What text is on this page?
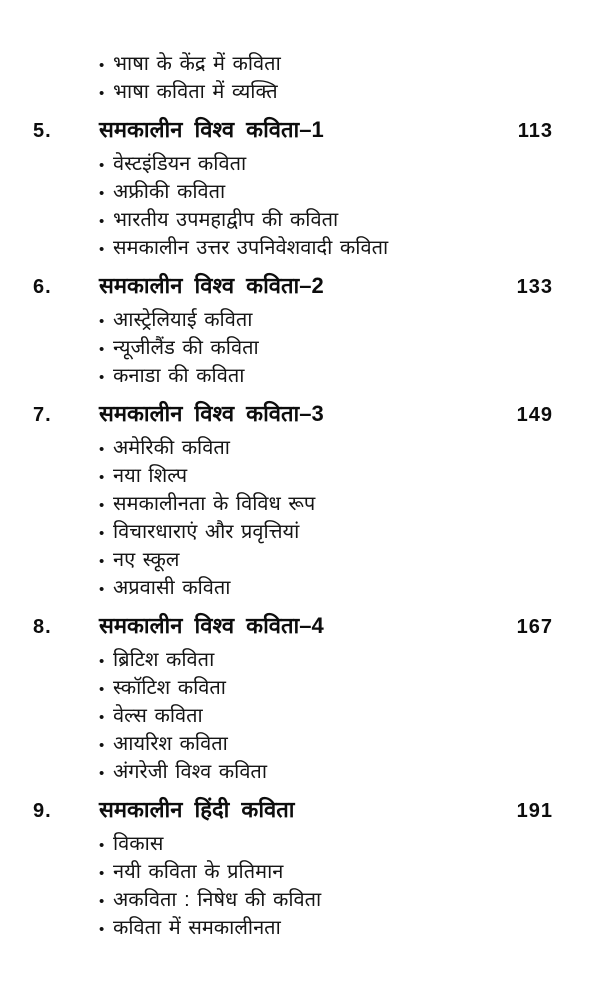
• भाषा के केंद्र में कविता
• भाषा कविता में व्यक्ति
5.	समकालीन विश्व कविता–1	113
• वेस्टइंडियन कविता
• अफ्रीकी कविता
• भारतीय उपमहाद्वीप की कविता
• समकालीन उत्तर उपनिवेशवादी कविता
6.	समकालीन विश्व कविता–2	133
• आस्ट्रेलियाई कविता
• न्यूजीलैंड की कविता
• कनाडा की कविता
7.	समकालीन विश्व कविता–3	149
• अमेरिकी कविता
• नया शिल्प
• समकालीनता के विविध रूप
• विचारधाराएं और प्रवृत्तियां
• नए स्कूल
• अप्रवासी कविता
8.	समकालीन विश्व कविता–4	167
• ब्रिटिश कविता
• स्कॉटिश कविता
• वेल्स कविता
• आयरिश कविता
• अंगरेजी विश्व कविता
9.	समकालीन हिंदी कविता	191
• विकास
• नयी कविता के प्रतिमान
• अकविता : निषेध की कविता
• कविता में समकालीनता
